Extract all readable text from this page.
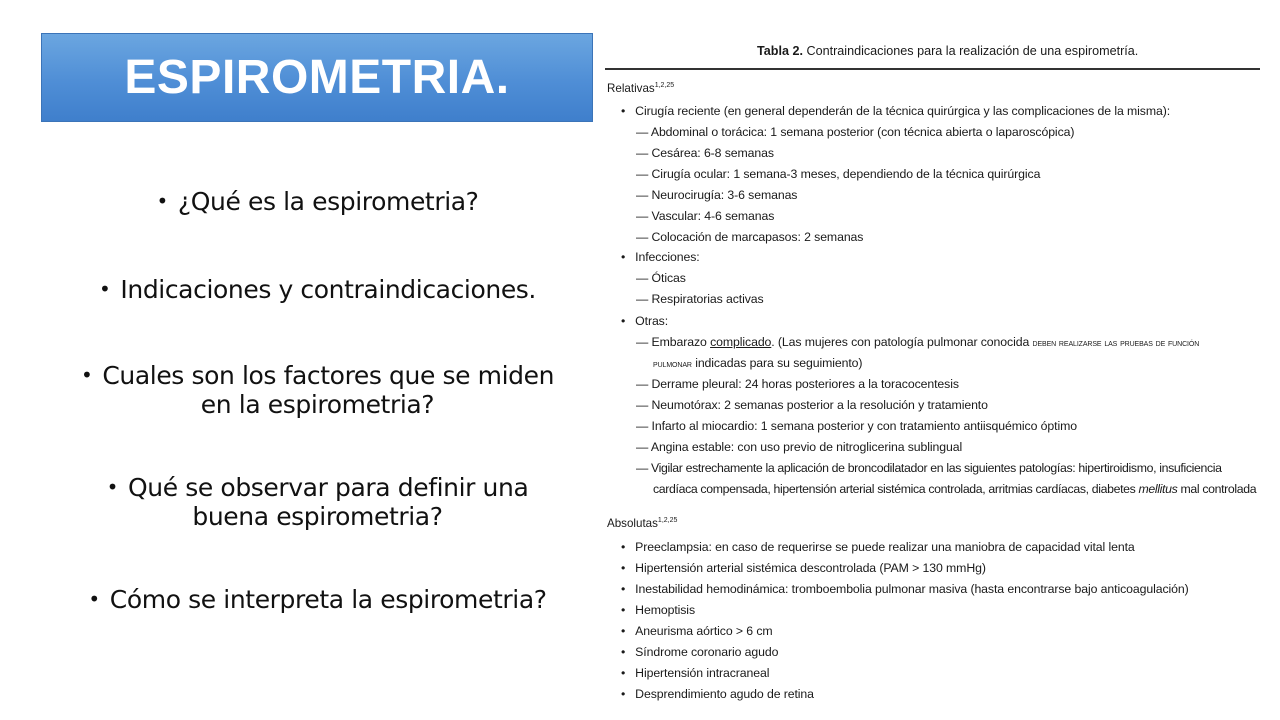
ESPIROMETRIA.
• ¿Qué es la espirometria?
• Indicaciones y contraindicaciones.
• Cuales son los factores que se miden
en la espirometria?
• Qué se observar para definir una
buena espirometria?
• Cómo se interpreta la espirometria?
Tabla 2. Contraindicaciones para la realización de una espirometría.
Relativas$^{1,2,25}$
• Cirugía reciente (en general dependerán de la técnica quirúrgica y las complicaciones de la misma):
— Abdominal o torácica: 1 semana posterior (con técnica abierta o laparoscópica)
— Cesárea: 6-8 semanas
— Cirugía ocular: 1 semana-3 meses, dependiendo de la técnica quirúrgica
— Neurocirugía: 3-6 semanas
— Vascular: 4-6 semanas
— Colocación de marcapasos: 2 semanas
• Infecciones:
— Óticas
— Respiratorias activas
• Otras:
— Embarazo complicado. (Las mujeres con patología pulmonar conocida deben realizarse las pruebas de función
pulmonar indicadas para su seguimiento)
— Derrame pleural: 24 horas posteriores a la toracocentesis
— Neumotórax: 2 semanas posterior a la resolución y tratamiento
— Infarto al miocardio: 1 semana posterior y con tratamiento antiisquémico óptimo
— Angina estable: con uso previo de nitroglicerina sublingual
— Vigilar estrechamente la aplicación de broncodilatador en las siguientes patologías: hipertiroidismo, insuficiencia
cardíaca compensada, hipertensión arterial sistémica controlada, arritmias cardíacas, diabetes mellitus mal controlada
Absolutas$^{1,2,25}$
• Preeclampsia: en caso de requerirse se puede realizar una maniobra de capacidad vital lenta
• Hipertensión arterial sistémica descontrolada (PAM > 130 mmHg)
• Inestabilidad hemodinámica: tromboembolia pulmonar masiva (hasta encontrarse bajo anticoagulación)
• Hemoptisis
• Aneurisma aórtico > 6 cm
• Síndrome coronario agudo
• Hipertensión intracraneal
• Desprendimiento agudo de retina
